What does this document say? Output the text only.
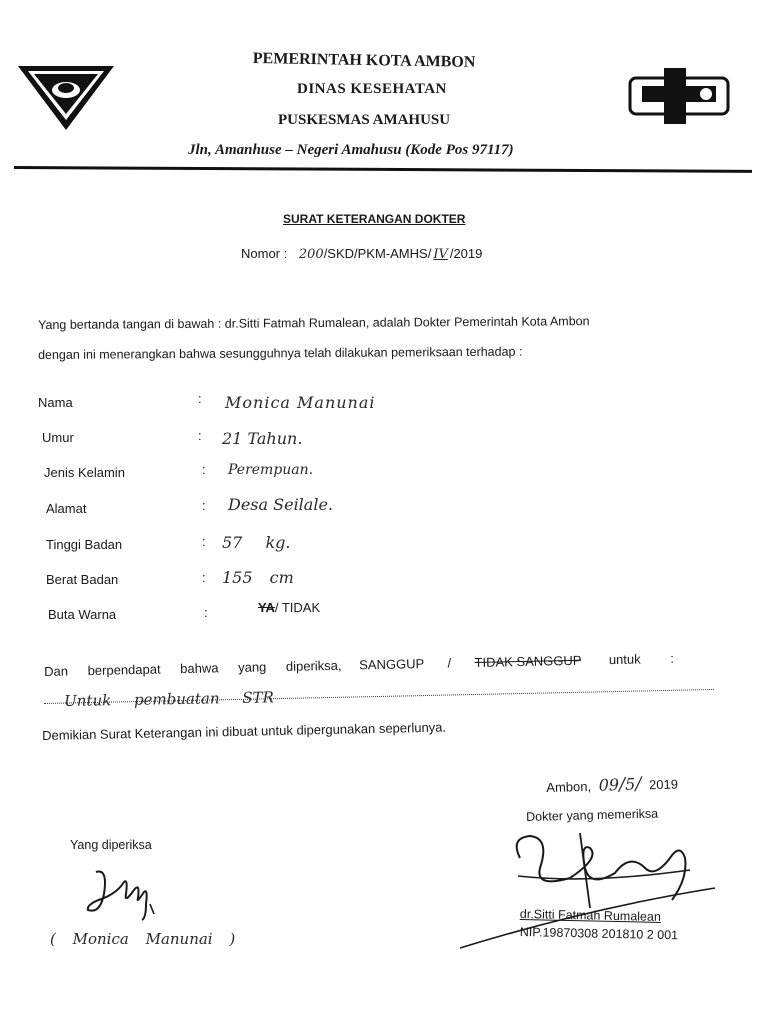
PEMERINTAH KOTA AMBON
DINAS KESEHATAN
PUSKESMAS AMAHUSU
Jln, Amanhuse – Negeri Amahusu (Kode Pos 97117)
SURAT KETERANGAN DOKTER
Nomor : 200/SKD/PKM-AMHS/ IV /2019
Yang bertanda tangan di bawah : dr.Sitti Fatmah Rumalean, adalah Dokter Pemerintah Kota Ambon
dengan ini menerangkan bahwa sesungguhnya telah dilakukan pemeriksaan terhadap :
Nama	: Monica Manunai
Umur	: 21 Tahun.
Jenis Kelamin	: Perempuan.
Alamat	: Desa Seilale.
Tinggi Badan	: 57 kg.
Berat Badan	: 155 cm
Buta Warna	:	YA/ TIDAK
Dan berpendapat bahwa yang diperiksa, SANGGUP / TIDAK SANGGUP untuk :
Untuk pembuatan STR
Demikian Surat Keterangan ini dibuat untuk dipergunakan seperlunya.
Ambon, 09/5/ 2019
Dokter yang memeriksa
dr.Sitti Fatmah Rumalean
NIP.19870308 201810 2 001
Yang diperiksa
( Monica Manunai )
